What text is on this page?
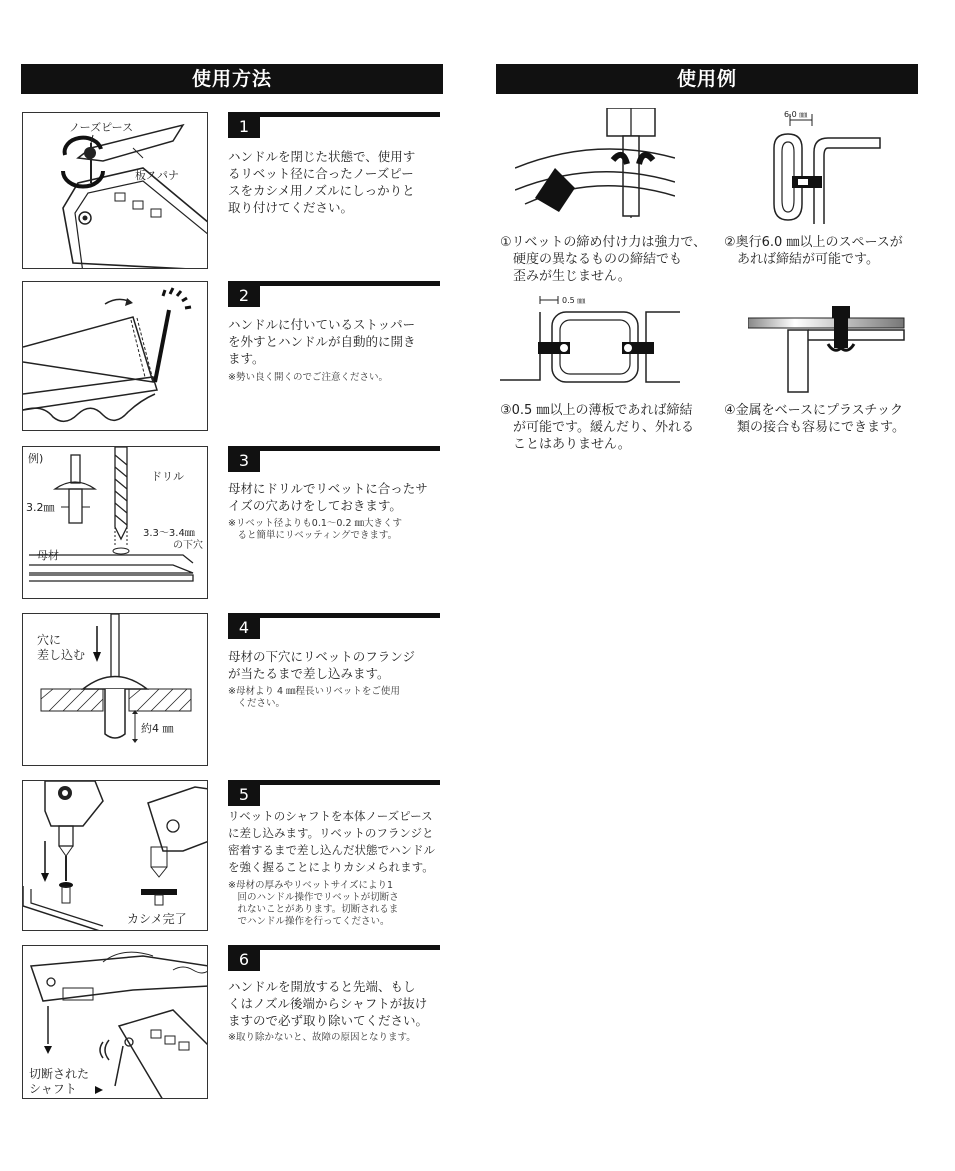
使用方法	使用例
ノーズピース
板スパナ
1
ハンドルを閉じた状態で、使用す
るリベット径に合ったノーズピー
スをカシメ用ノズルにしっかりと
取り付けてください。
2
ハンドルに付いているストッパー
を外すとハンドルが自動的に開き
ます。
※勢い良く開くのでご注意ください。
例)
ドリル
3.2㎜
3.3〜3.4㎜
の下穴
母材
3
母材にドリルでリベットに合ったサ
イズの穴あけをしておきます。
※リベット径よりも0.1〜0.2 ㎜大きくす
　ると簡単にリベッティングできます。
穴に
差し込む
約4 ㎜
4
母材の下穴にリベットのフランジ
が当たるまで差し込みます。
※母材より 4 ㎜程長いリベットをご使用
　ください。
カシメ完了
5
リベットのシャフトを本体ノーズピース
に差し込みます。リベットのフランジと
密着するまで差し込んだ状態でハンドル
を強く握ることによりカシメられます。
※母材の厚みやリベットサイズにより1
　回のハンドル操作でリベットが切断さ
　れないことがあります。切断されるま
　でハンドル操作を行ってください。
切断された
シャフト
6
ハンドルを開放すると先端、もし
くはノズル後端からシャフトが抜け
ますので必ず取り除いてください。
※取り除かないと、故障の原因となります。
①リベットの締め付け力は強力で、
　硬度の異なるものの締結でも
　歪みが生じません。
6.0 ㎜
②奥行6.0 ㎜以上のスペースが
　あれば締結が可能です。
0.5 ㎜
③0.5 ㎜以上の薄板であれば締結
　が可能です。緩んだり、外れる
　ことはありません。
④金属をベースにプラスチック
　類の接合も容易にできます。
